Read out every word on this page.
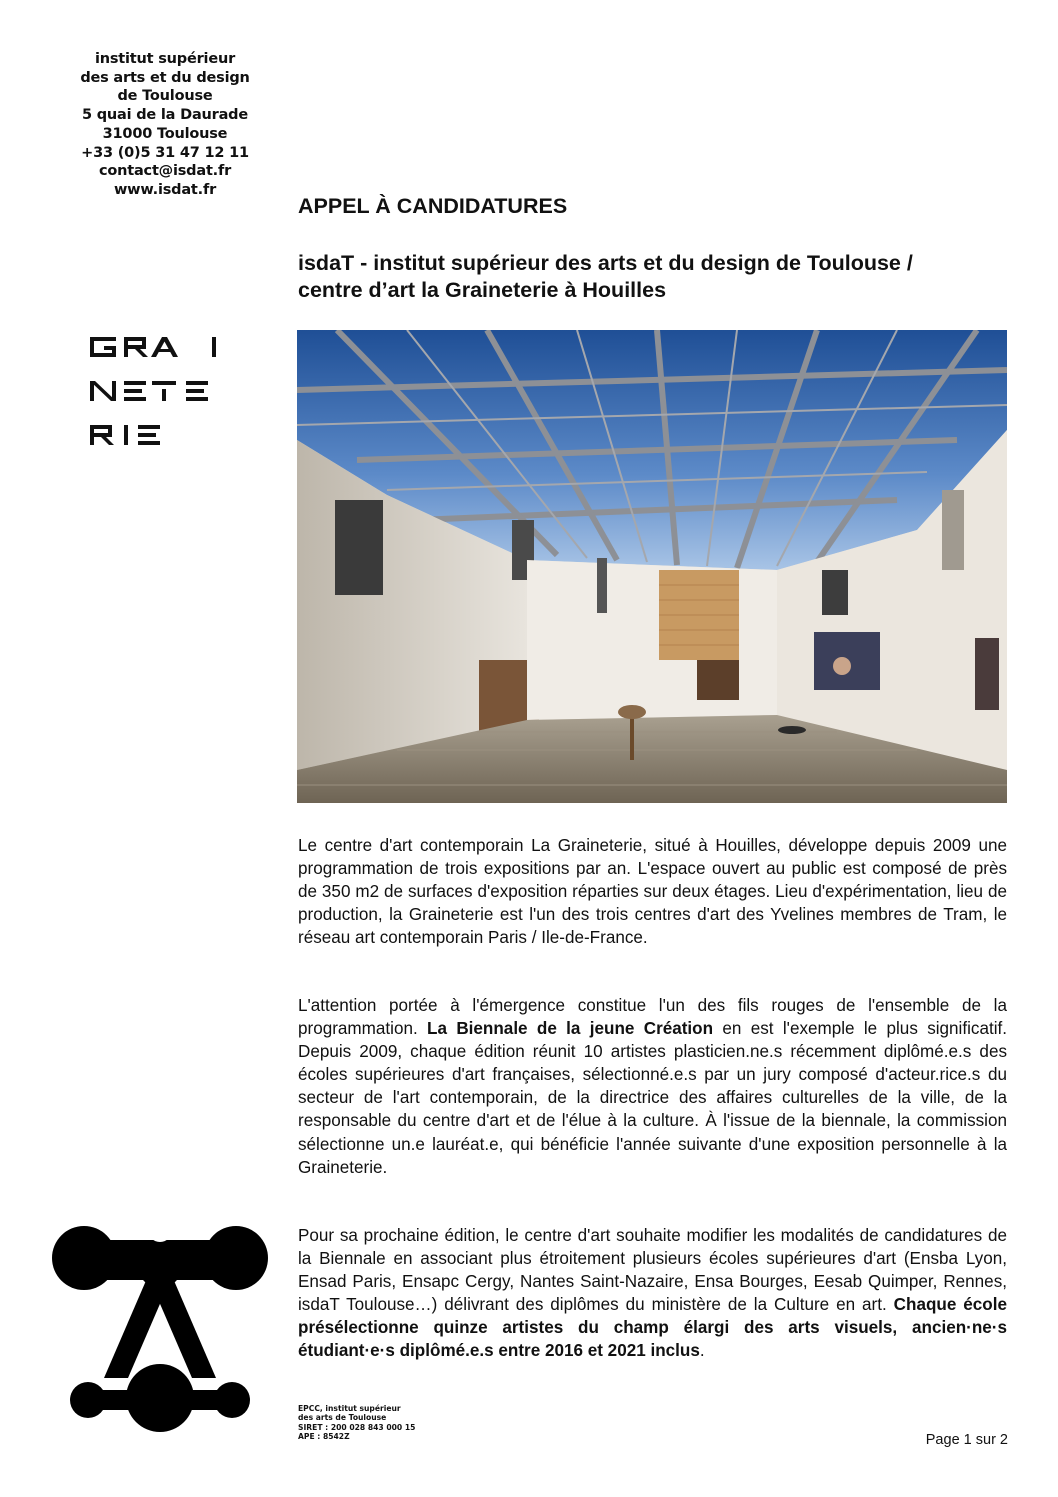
institut supérieur
des arts et du design
de Toulouse
5 quai de la Daurade
31000 Toulouse
+33 (0)5 31 47 12 11
contact@isdat.fr
www.isdat.fr
APPEL À CANDIDATURES
isdaT - institut supérieur des arts et du design de Toulouse /
centre d’art la Graineterie à Houilles

Le centre d'art contemporain La Graineterie, situé à Houilles, développe depuis 2009 une programmation de trois expositions par an. L'espace ouvert au public est composé de près de 350 m2 de surfaces d'exposition réparties sur deux étages. Lieu d'expérimentation, lieu de production, la Graineterie est l'un des trois centres d'art des Yvelines membres de Tram, le réseau art contemporain Paris / Ile-de-France.

L'attention portée à l'émergence constitue l'un des fils rouges de l'ensemble de la programmation. La Biennale de la jeune Création en est l'exemple le plus significatif. Depuis 2009, chaque édition réunit 10 artistes plasticien.ne.s récemment diplômé.e.s des écoles supérieures d'art françaises, sélectionné.e.s par un jury composé d'acteur.rice.s du secteur de l'art contemporain, de la directrice des affaires culturelles de la ville, de la responsable du centre d'art et de l'élue à la culture. À l'issue de la biennale, la commission sélectionne un.e lauréat.e, qui bénéficie l'année suivante d'une exposition personnelle à la Graineterie.

Pour sa prochaine édition, le centre d'art souhaite modifier les modalités de candidatures de la Biennale en associant plus étroitement plusieurs écoles supérieures d'art (Ensba Lyon, Ensad Paris, Ensapc Cergy, Nantes Saint-Nazaire, Ensa Bourges, Eesab Quimper, Rennes, isdaT Toulouse…) délivrant des diplômes du ministère de la Culture en art. Chaque école présélectionne quinze artistes du champ élargi des arts visuels, ancien·ne·s étudiant·e·s diplômé.e.s entre 2016 et 2021 inclus.

EPCC, institut supérieur
des arts de Toulouse
SIRET : 200 028 843 000 15
APE : 8542Z	Page 1 sur 2
